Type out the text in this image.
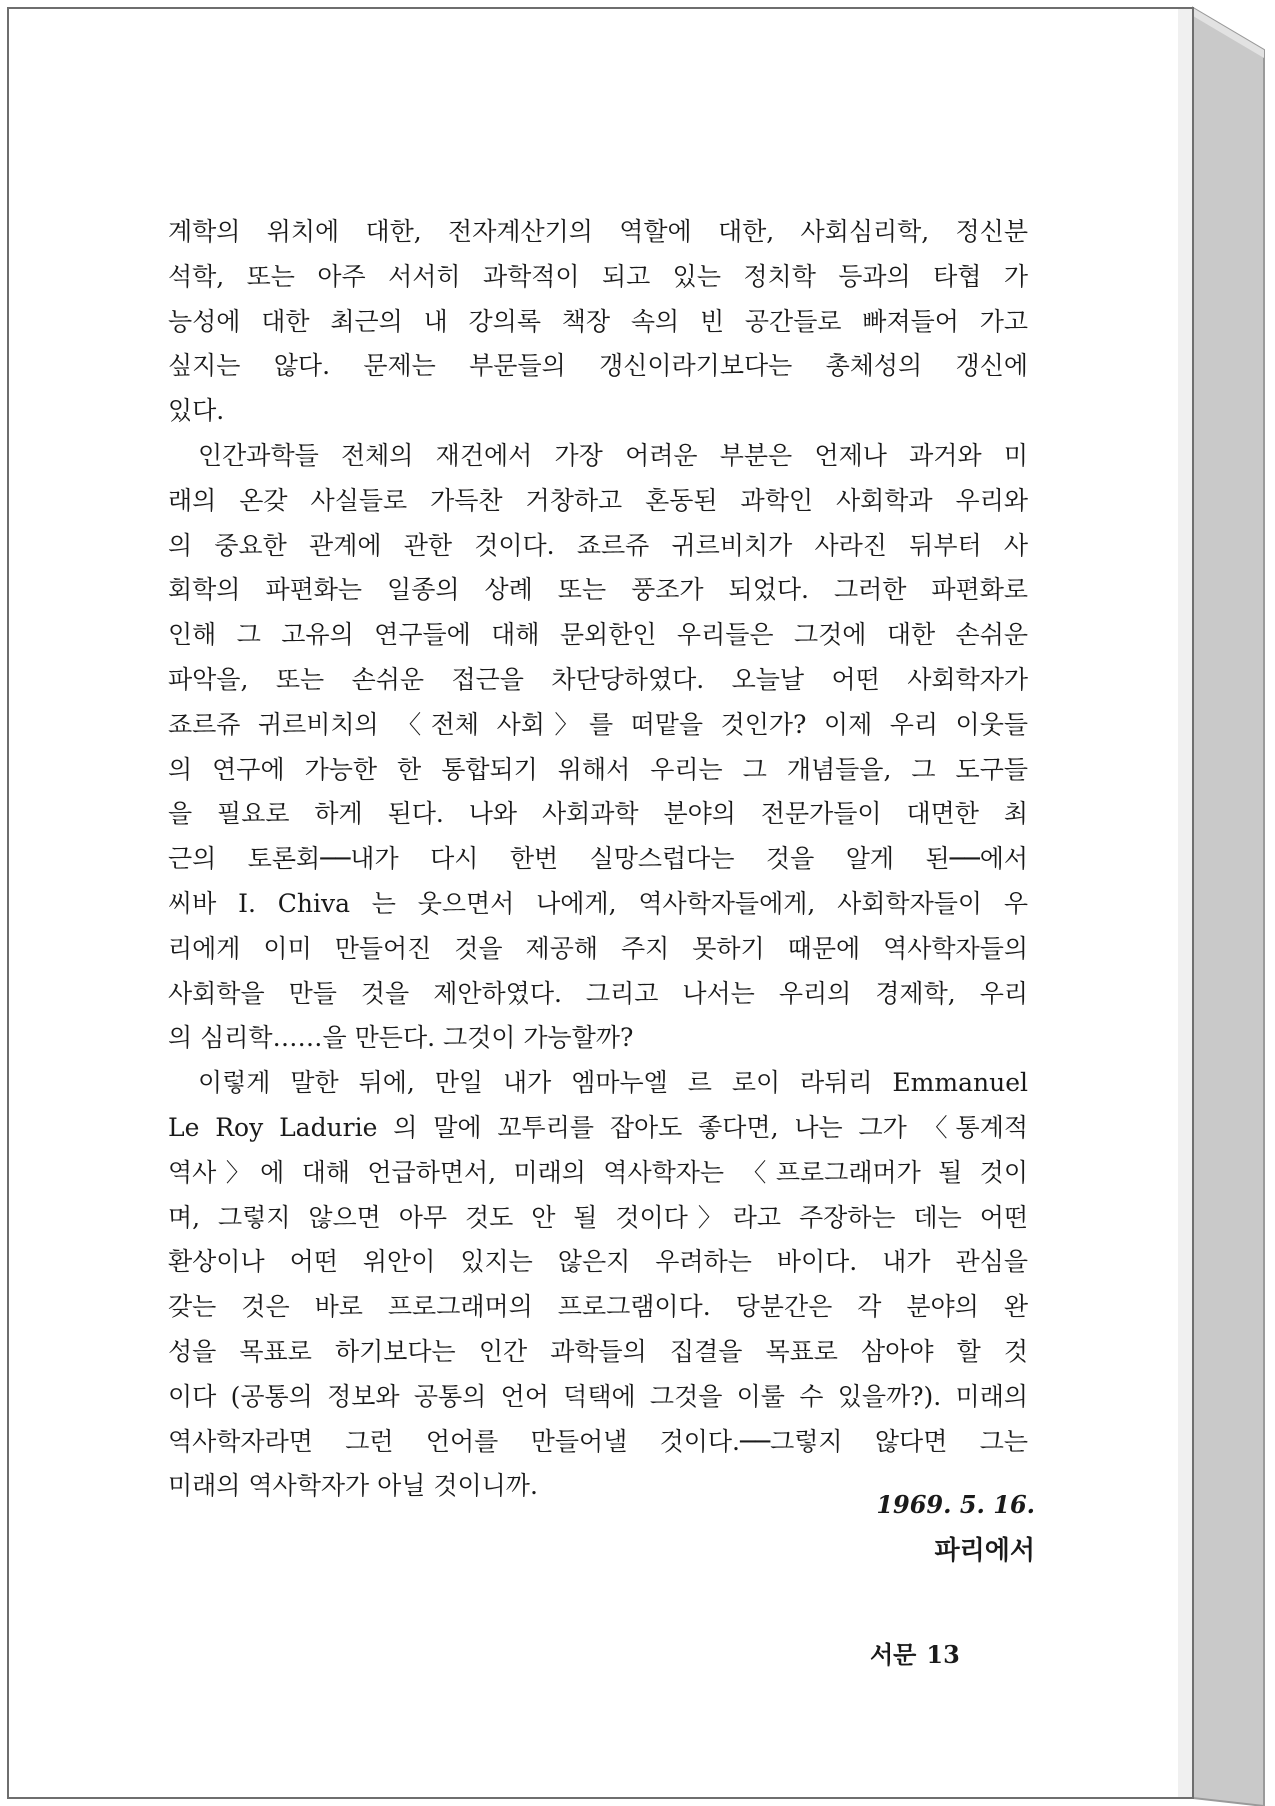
계학의 위치에 대한, 전자계산기의 역할에 대한, 사회심리학, 정신분
석학, 또는 아주 서서히 과학적이 되고 있는 정치학 등과의 타협 가
능성에 대한 최근의 내 강의록 책장 속의 빈 공간들로 빠져들어 가고
싶지는 않다. 문제는 부문들의 갱신이라기보다는 총체성의 갱신에
있다.
인간과학들 전체의 재건에서 가장 어려운 부분은 언제나 과거와 미
래의 온갖 사실들로 가득찬 거창하고 혼동된 과학인 사회학과 우리와
의 중요한 관계에 관한 것이다. 죠르쥬 귀르비치가 사라진 뒤부터 사
회학의 파편화는 일종의 상례 또는 풍조가 되었다. 그러한 파편화로
인해 그 고유의 연구들에 대해 문외한인 우리들은 그것에 대한 손쉬운
파악을, 또는 손쉬운 접근을 차단당하였다. 오늘날 어떤 사회학자가
죠르쥬 귀르비치의 〈전체 사회〉를 떠맡을 것인가? 이제 우리 이웃들
의 연구에 가능한 한 통합되기 위해서 우리는 그 개념들을, 그 도구들
을 필요로 하게 된다. 나와 사회과학 분야의 전문가들이 대면한 최
근의 토론회──내가 다시 한번 실망스럽다는 것을 알게 된──에서
씨바 I. Chiva 는 웃으면서 나에게, 역사학자들에게, 사회학자들이 우
리에게 이미 만들어진 것을 제공해 주지 못하기 때문에 역사학자들의
사회학을 만들 것을 제안하였다. 그리고 나서는 우리의 경제학, 우리
의 심리학……을 만든다. 그것이 가능할까?
이렇게 말한 뒤에, 만일 내가 엠마누엘 르 로이 라뒤리 Emmanuel
Le Roy Ladurie 의 말에 꼬투리를 잡아도 좋다면, 나는 그가 〈통계적
역사〉에 대해 언급하면서, 미래의 역사학자는 〈프로그래머가 될 것이
며, 그렇지 않으면 아무 것도 안 될 것이다〉라고 주장하는 데는 어떤
환상이나 어떤 위안이 있지는 않은지 우려하는 바이다. 내가 관심을
갖는 것은 바로 프로그래머의 프로그램이다. 당분간은 각 분야의 완
성을 목표로 하기보다는 인간 과학들의 집결을 목표로 삼아야 할 것
이다 (공통의 정보와 공통의 언어 덕택에 그것을 이룰 수 있을까?). 미래의
역사학자라면 그런 언어를 만들어낼 것이다.──그렇지 않다면 그는
미래의 역사학자가 아닐 것이니까.
1969. 5. 16.
파리에서
서문 13
